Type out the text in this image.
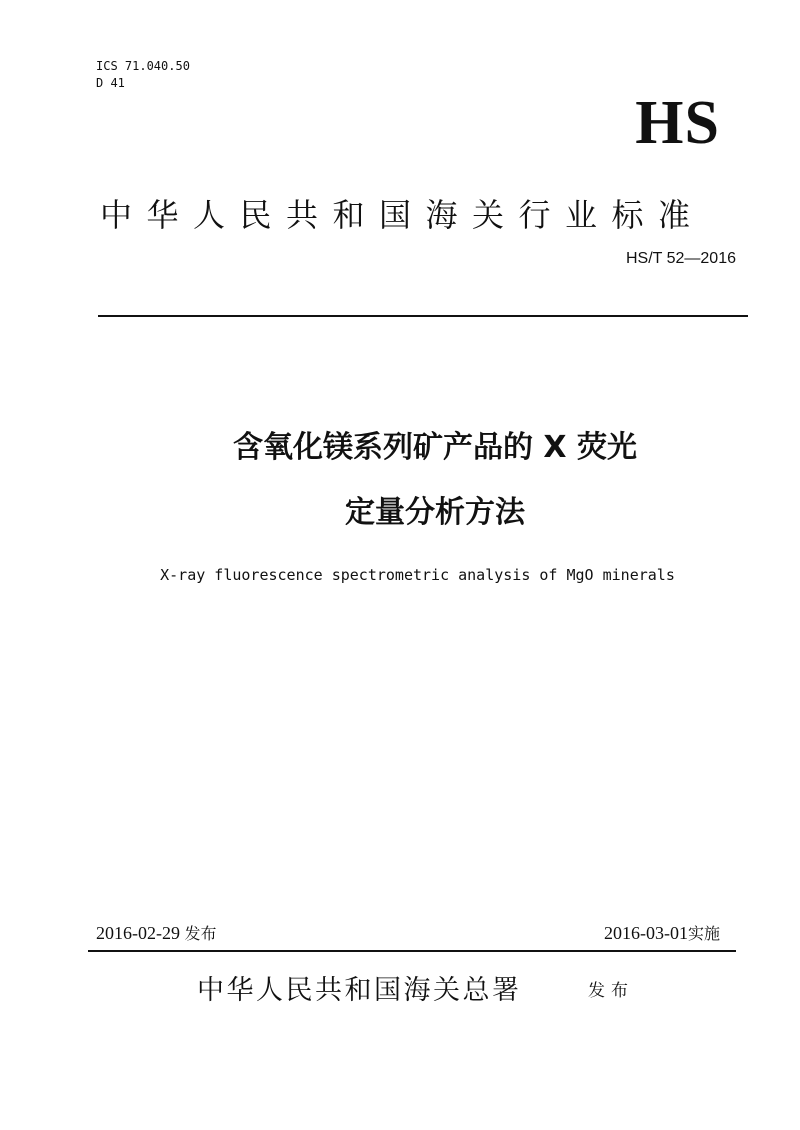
ICS 71.040.50
D 41
HS
中华人民共和国海关行业标准
HS/T 52—2016
含氧化镁系列矿产品的 X 荧光
定量分析方法
X-ray fluorescence spectrometric analysis of MgO minerals
2016-02-29 发布	2016-03-01实施
中华人民共和国海关总署	发布
